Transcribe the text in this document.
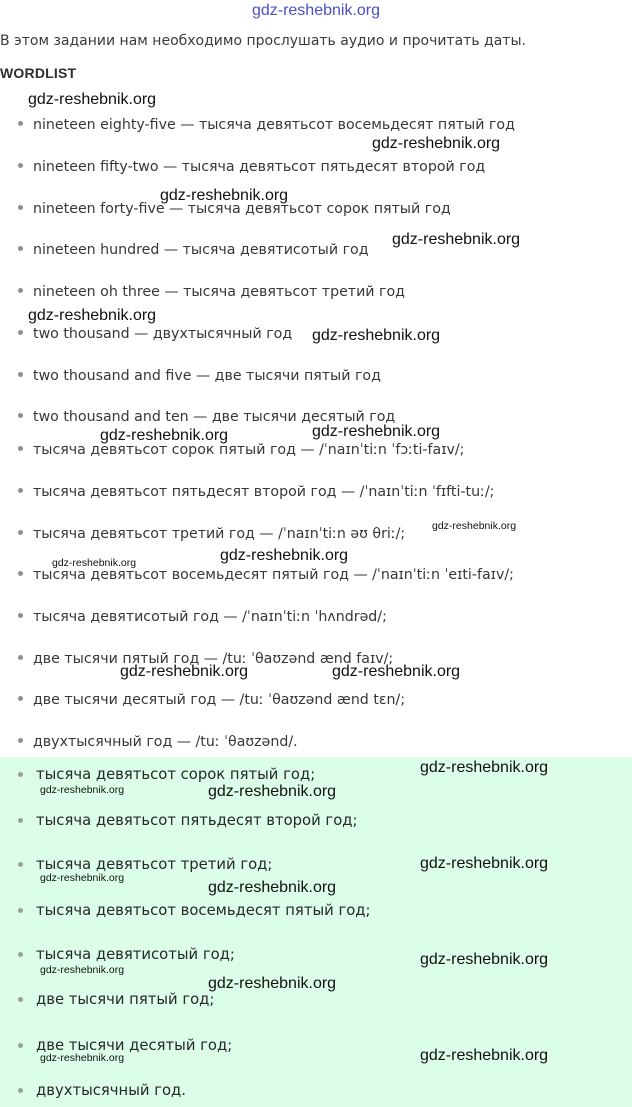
gdz-reshebnik.org
В этом задании нам необходимо прослушать аудио и прочитать даты.
WORDLIST
nineteen eighty-five — тысяча девятьсот восемьдесят пятый год
nineteen fifty-two — тысяча девятьсот пятьдесят второй год
nineteen forty-five — тысяча девятьсот сорок пятый год
nineteen hundred — тысяча девятисотый год
nineteen oh three — тысяча девятьсот третий год
two thousand — двухтысячный год
two thousand and five — две тысячи пятый год
two thousand and ten — две тысячи десятый год
тысяча девятьсот сорок пятый год — /ˈnaɪnˈtiːn ˈfɔːti-faɪv/;
тысяча девятьсот пятьдесят второй год — /ˈnaɪnˈtiːn ˈfɪfti-tuː/;
тысяча девятьсот третий год — /ˈnaɪnˈtiːn əʊ θriː/;
тысяча девятьсот восемьдесят пятый год — /ˈnaɪnˈtiːn ˈeɪti-faɪv/;
тысяча девятисотый год — /ˈnaɪnˈtiːn ˈhʌndrəd/;
две тысячи пятый год — /tuː ˈθaʊzənd ænd faɪv/;
две тысячи десятый год — /tuː ˈθaʊzənd ænd tɛn/;
двухтысячный год — /tuː ˈθaʊzənd/.
тысяча девятьсот сорок пятый год;
тысяча девятьсот пятьдесят второй год;
тысяча девятьсот третий год;
тысяча девятьсот восемьдесят пятый год;
тысяча девятисотый год;
две тысячи пятый год;
две тысячи десятый год;
двухтысячный год.
gdz-reshebnik.org
gdz-reshebnik.org
gdz-reshebnik.org
gdz-reshebnik.org
gdz-reshebnik.org
gdz-reshebnik.org
gdz-reshebnik.org	gdz-reshebnik.org
gdz-reshebnik.org
gdz-reshebnik.org	gdz-reshebnik.org
gdz-reshebnik.org	gdz-reshebnik.org
gdz-reshebnik.org
gdz-reshebnik.org	gdz-reshebnik.org
gdz-reshebnik.org
gdz-reshebnik.org
gdz-reshebnik.org
gdz-reshebnik.org
gdz-reshebnik.org
gdz-reshebnik.org
gdz-reshebnik.org
gdz-reshebnik.org
